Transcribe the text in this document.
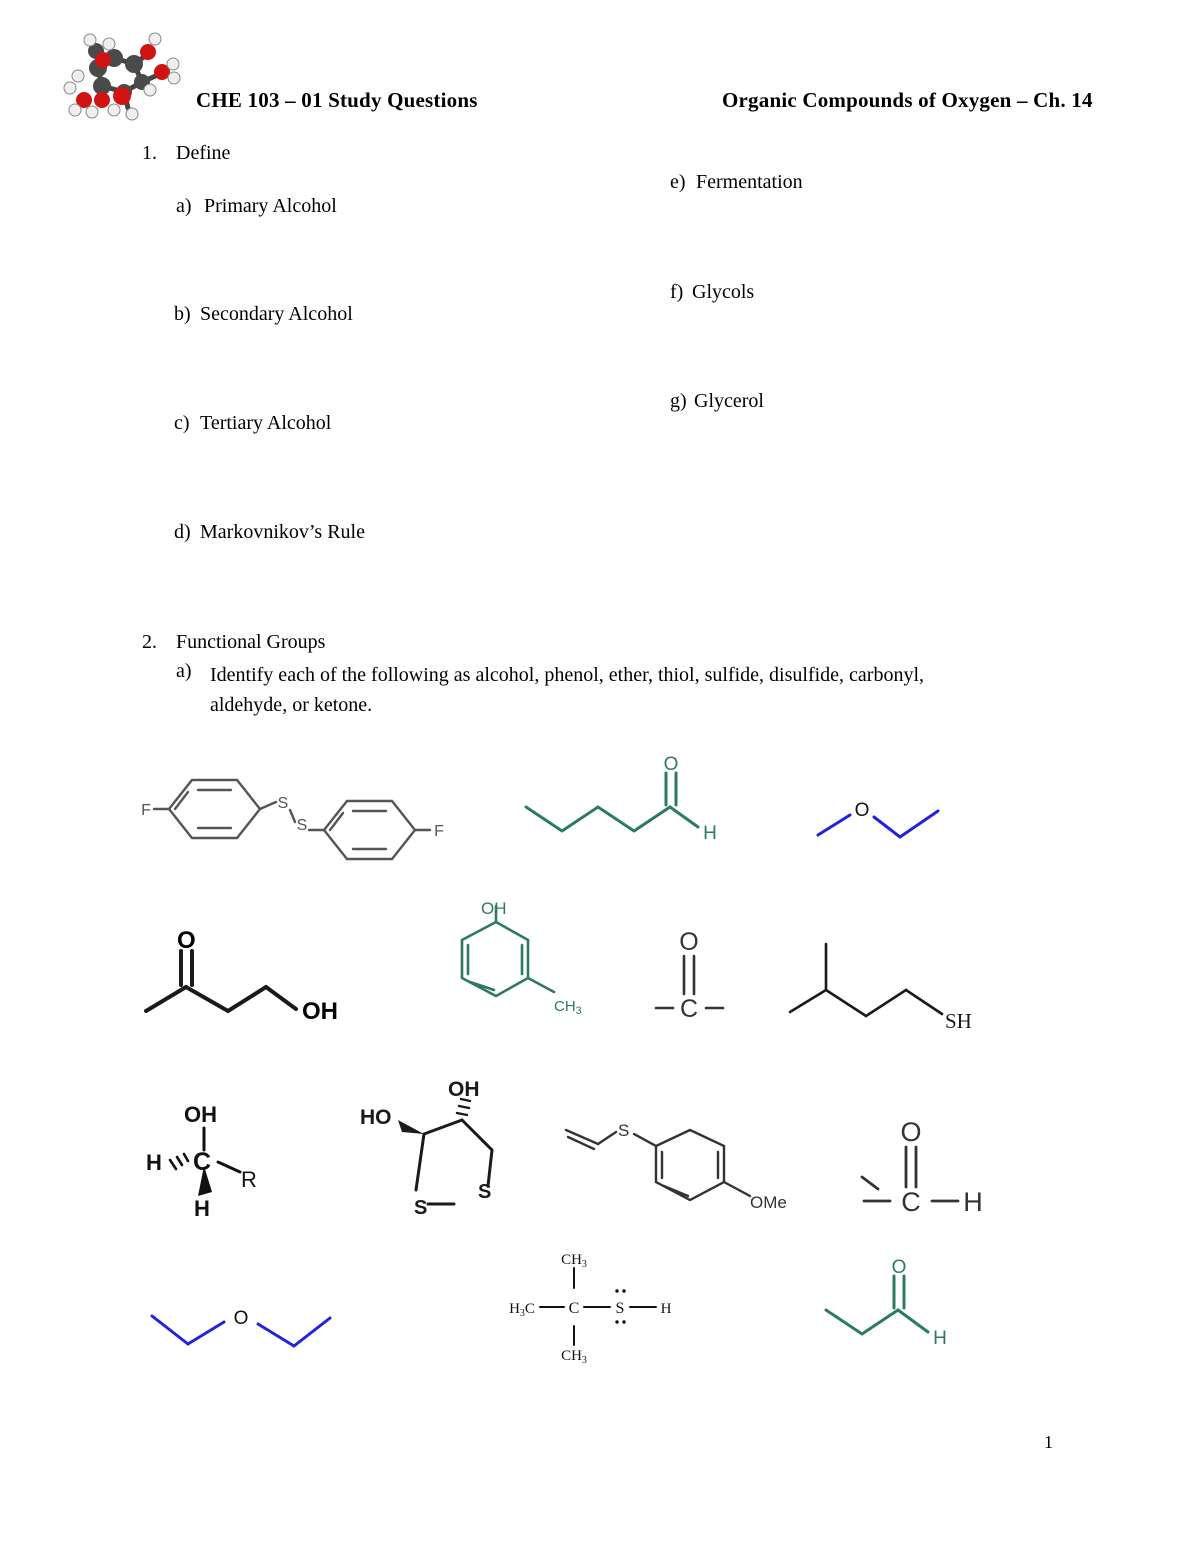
CHE 103 – 01 Study Questions	Organic Compounds of Oxygen – Ch. 14
1. Define
a) Primary Alcohol
b) Secondary Alcohol
c) Tertiary Alcohol
d) Markovnikov’s Rule
e) Fermentation
f) Glycols
g) Glycerol
2. Functional Groups
a) Identify each of the following as alcohol, phenol, ether, thiol, sulfide, disulfide, carbonyl, aldehyde, or ketone.
F	S
S	F
O
H
O
O
OH
OH
$CH_3$
O
C	SH
OH
H C
R
H
OH
HO
S
S
S
OMe
O
C H
O
$CH_3$
$H_3C$ C S H
$CH_3$
O
H
1
